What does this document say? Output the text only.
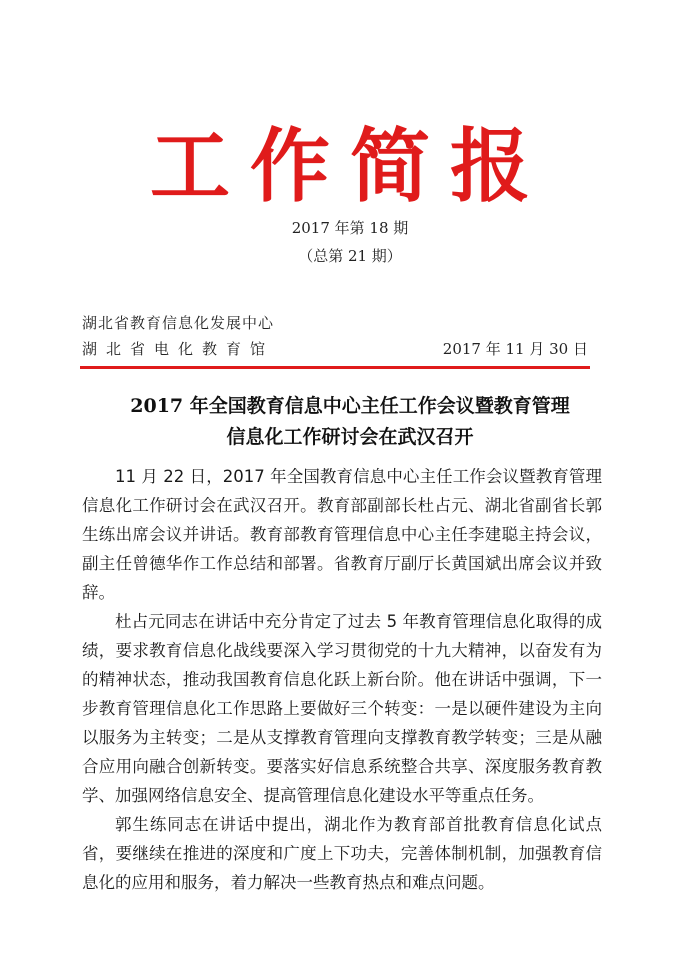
工作简报
2017 年第 18 期
（总第 21 期）
湖北省教育信息化发展中心
湖北省电化教育馆	2017 年 11 月 30 日
2017 年全国教育信息中心主任工作会议暨教育管理
信息化工作研讨会在武汉召开

11 月 22 日，2017 年全国教育信息中心主任工作会议暨教育管理信息化工作研讨会在武汉召开。教育部副部长杜占元、湖北省副省长郭生练出席会议并讲话。教育部教育管理信息中心主任李建聪主持会议，副主任曾德华作工作总结和部署。省教育厅副厅长黄国斌出席会议并致辞。

杜占元同志在讲话中充分肯定了过去 5 年教育管理信息化取得的成绩，要求教育信息化战线要深入学习贯彻党的十九大精神，以奋发有为的精神状态，推动我国教育信息化跃上新台阶。他在讲话中强调，下一步教育管理信息化工作思路上要做好三个转变：一是以硬件建设为主向以服务为主转变；二是从支撑教育管理向支撑教育教学转变；三是从融合应用向融合创新转变。要落实好信息系统整合共享、深度服务教育教学、加强网络信息安全、提高管理信息化建设水平等重点任务。

郭生练同志在讲话中提出，湖北作为教育部首批教育信息化试点省，要继续在推进的深度和广度上下功夫，完善体制机制，加强教育信息化的应用和服务，着力解决一些教育热点和难点问题。
